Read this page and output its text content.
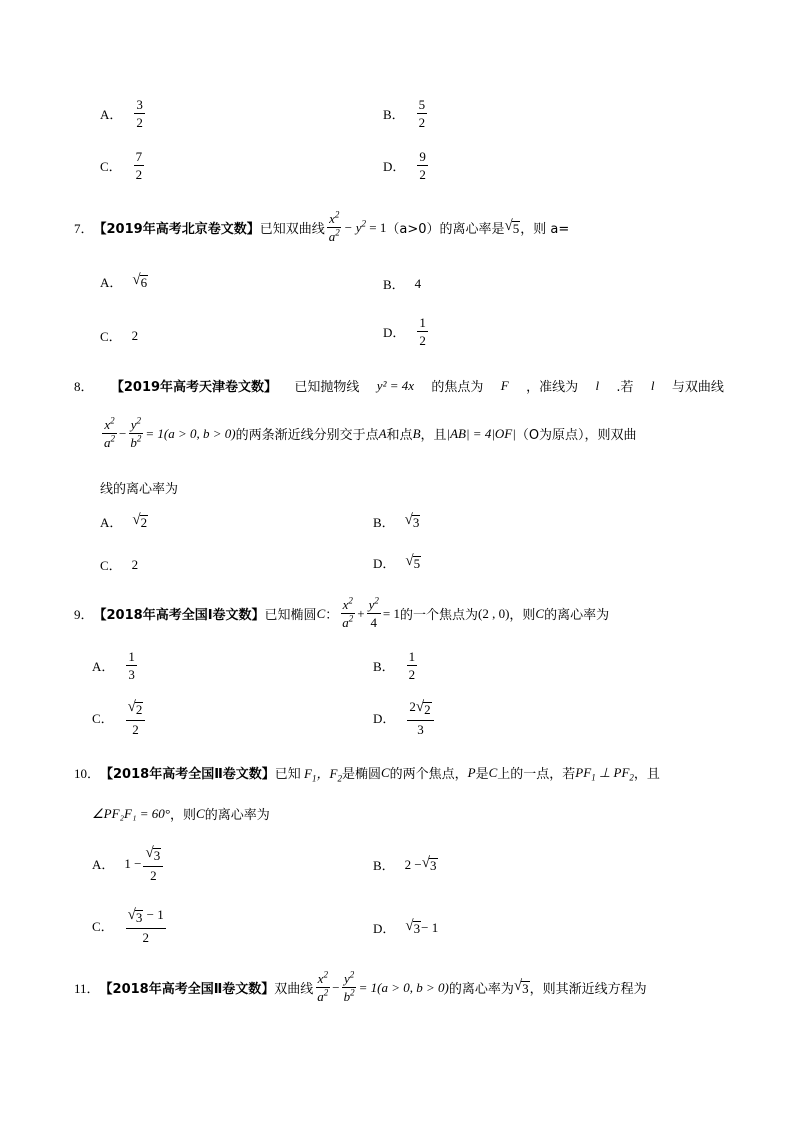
A． $\frac{3}{2}$	B． $\frac{5}{2}$
C． $\frac{7}{2}$	D． $\frac{9}{2}$
7． 【2019年高考北京卷文数】 已知双曲线 $\frac{x^2}{a^2} - y^2 = 1$ （a>0）的离心率是 √ 5 ，则 a=
A． √ 6	B． 4
C． 2	D． $\frac{1}{2}$
8． 【2019年高考天津卷文数】 已知抛物线 y² = 4x 的焦点为 F ，准线为 l .若 l 与双曲线
$\frac{x^2}{a^2} - \frac{y^2}{b^2} = 1(a > 0$, b > 0) 的两条渐近线分别交于点 A 和点 B ，且 |AB| = 4|OF| （O为原点），则双曲
线的离心率为
A． √ 2	B． √ 3
C． 2	D． √ 5
9． 【2018年高考全国Ⅰ卷文数】 已知椭圆 C ： $\frac{x^2}{a^2} + \frac{y^2}{4} = 1$ 的一个焦点为 (2 , 0) ，则 C 的离心率为
A． $\frac{1}{3}$	B． $\frac{1}{2}$
C． $\frac{√ 2}{2}$	D． $\frac{2 √ 2}{3}$
10． 【2018年高考全国Ⅱ卷文数】 已知 $F_1$，$F_2$ 是椭圆 C 的两个焦点， P 是 C 上的一点，若 $PF_1$ ⊥ $PF_2$ ，且
∠PF₂F₁ = 60° ，则 C 的离心率为
A． $1 - \frac{√ 3}{2}$	B． 2 − √ 3
C． $\frac{√ 3 - 1}{2}$	D． √ 3 − 1
11． 【2018年高考全国Ⅱ卷文数】 双曲线 $\frac{x^2}{a^2} - \frac{y^2}{b^2} = 1(a > 0$, b > 0) 的离心率为 √ 3 ，则其渐近线方程为
